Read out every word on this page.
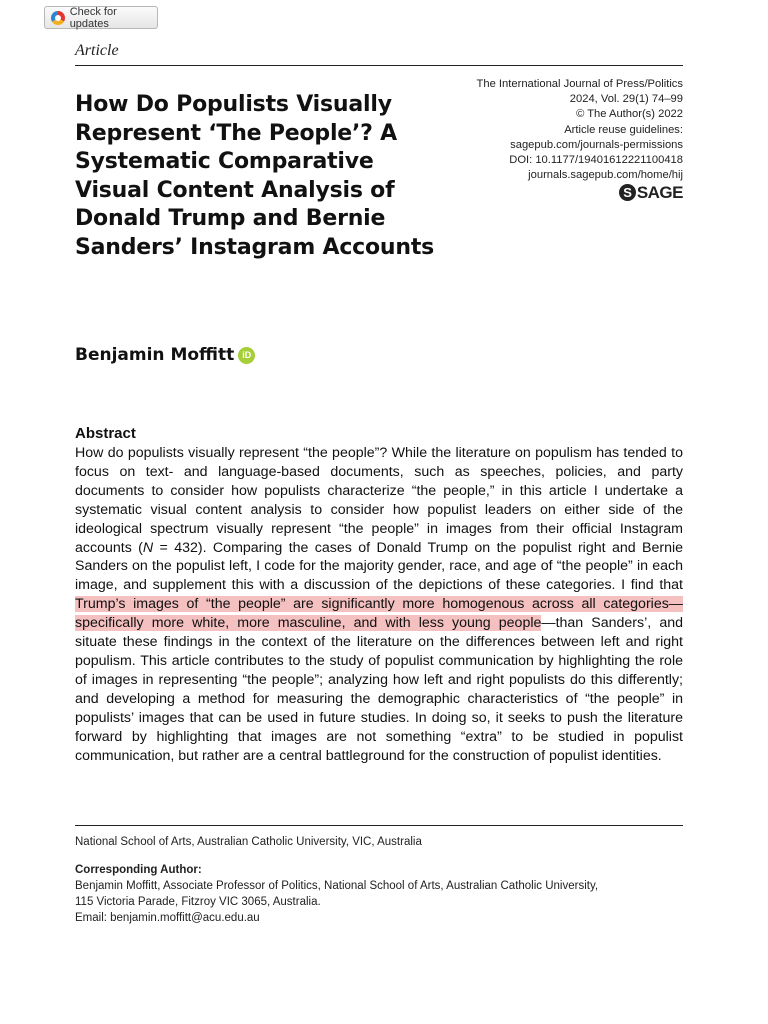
Check for updates
Article
The International Journal of Press/Politics
2024, Vol. 29(1) 74–99
© The Author(s) 2022
Article reuse guidelines:
sagepub.com/journals-permissions
DOI: 10.1177/19401612221100418
journals.sagepub.com/home/hij
S SAGE
How Do Populists Visually Represent ‘The People’? A Systematic Comparative Visual Content Analysis of Donald Trump and Bernie Sanders’ Instagram Accounts
Benjamin Moffitt iD
Abstract

How do populists visually represent “the people”? While the literature on populism has tended to focus on text- and language-based documents, such as speeches, policies, and party documents to consider how populists characterize “the people,” in this article I undertake a systematic visual content analysis to consider how populist leaders on either side of the ideological spectrum visually represent “the people” in images from their official Instagram accounts (N = 432). Comparing the cases of Donald Trump on the populist right and Bernie Sanders on the populist left, I code for the majority gender, race, and age of “the people” in each image, and supplement this with a discussion of the depictions of these categories. I find that Trump’s images of “the people” are significantly more homogenous across all categories—specifically more white, more masculine, and with less young people—than Sanders’, and situate these findings in the context of the literature on the differences between left and right populism. This article contributes to the study of populist communication by highlighting the role of images in representing “the people”; analyzing how left and right populists do this differently; and developing a method for measuring the demographic characteristics of “the people” in populists’ images that can be used in future studies. In doing so, it seeks to push the literature forward by highlighting that images are not something “extra” to be studied in populist communication, but rather are a central battleground for the construction of populist identities.

National School of Arts, Australian Catholic University, VIC, Australia
Corresponding Author:
Benjamin Moffitt, Associate Professor of Politics, National School of Arts, Australian Catholic University,
115 Victoria Parade, Fitzroy VIC 3065, Australia.
Email: benjamin.moffitt@acu.edu.au
